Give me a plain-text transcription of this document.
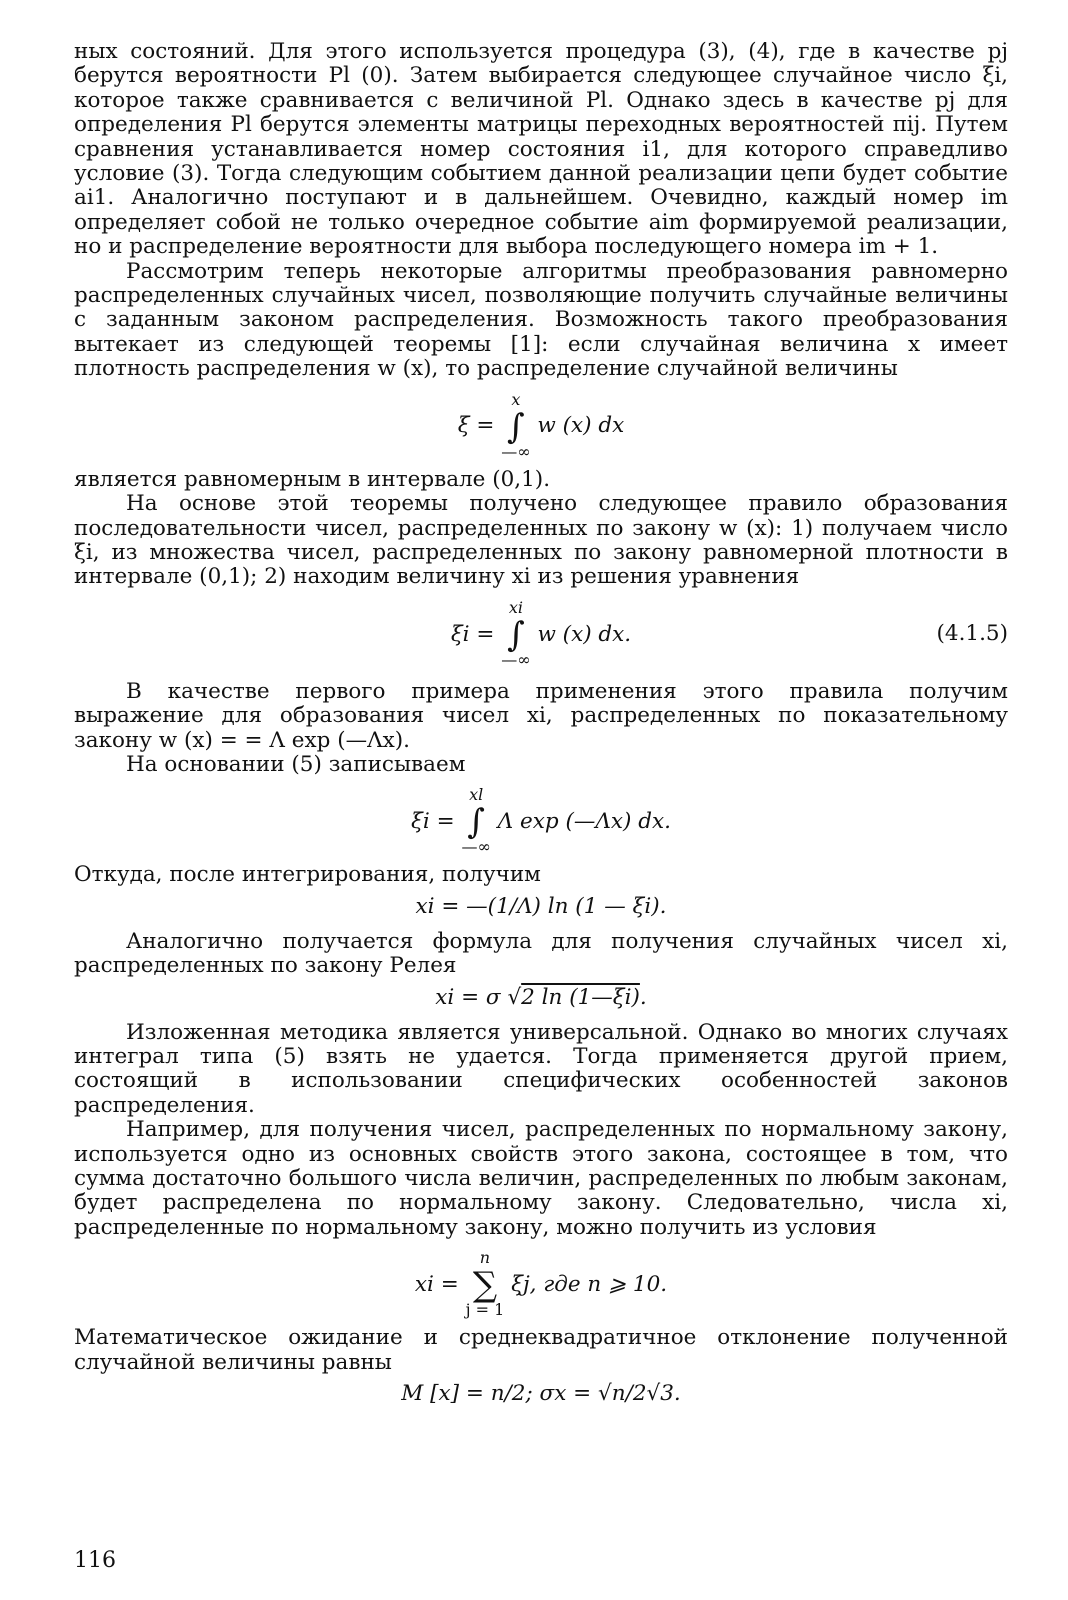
ных состояний. Для этого используется процедура (3), (4), где в качестве pj берутся вероятности Pl (0). Затем выбирается следующее случайное число ξi, которое также сравнивается с величиной Pl. Однако здесь в качестве pj для определения Pl берутся элементы матрицы переходных вероятностей πij. Путем сравнения устанавливается номер состояния i1, для которого справедливо условие (3). Тогда следующим событием данной реализации цепи будет событие ai1. Аналогично поступают и в дальнейшем. Очевидно, каждый номер im определяет собой не только очередное событие aim формируемой реализации, но и распределение вероятности для выбора последующего номера im + 1.

Рассмотрим теперь некоторые алгоритмы преобразования равномерно распределенных случайных чисел, позволяющие получить случайные величины с заданным законом распределения. Возможность такого преобразования вытекает из следующей теоремы [1]: если случайная величина x имеет плотность распределения w (x), то распределение случайной величины

ξ =
x
∫
—∞
w (x) dx

является равномерным в интервале (0,1).

На основе этой теоремы получено следующее правило образования последовательности чисел, распределенных по закону w (x): 1) получаем число ξi, из множества чисел, распределенных по закону равномерной плотности в интервале (0,1); 2) находим величину xi из решения уравнения

ξi =
xi
∫
—∞
w (x) dx.	(4.1.5)

В качестве первого примера применения этого правила получим выражение для образования чисел xi, распределенных по показательному закону w (x) = = Λ exp (—Λx).

На основании (5) записываем

ξi =
xl
∫
—∞
Λ exp (—Λx) dx.

Откуда, после интегрирования, получим

xi = —(1/Λ) ln (1 — ξi).

Аналогично получается формула для получения случайных чисел xi, распределенных по закону Релея

xi = σ √2 ln (1—ξi).

Изложенная методика является универсальной. Однако во многих случаях интеграл типа (5) взять не удается. Тогда применяется другой прием, состоящий в использовании специфических особенностей законов распределения.

Например, для получения чисел, распределенных по нормальному закону, используется одно из основных свойств этого закона, состоящее в том, что сумма достаточно большого числа величин, распределенных по любым законам, будет распределена по нормальному закону. Следовательно, числа xi, распределенные по нормальному закону, можно получить из условия

xi =
n
∑
j = 1
ξj, где n ⩾ 10.

Математическое ожидание и среднеквадратичное отклонение полученной случайной величины равны

M [x] = n/2; σx = √n/2√3.
116
